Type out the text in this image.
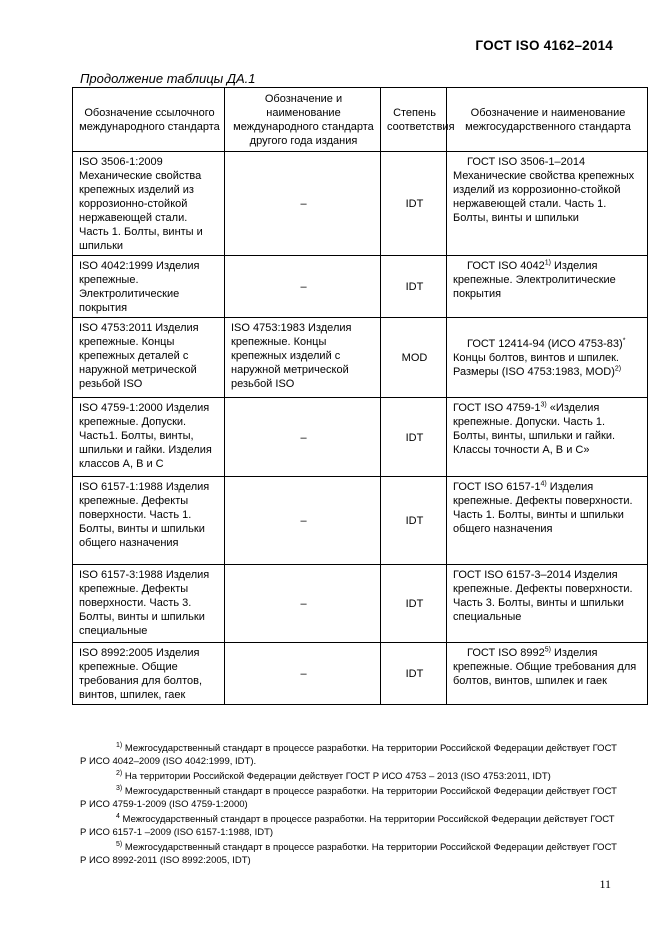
ГОСТ ISO 4162–2014
Продолжение таблицы ДА.1
Обозначение ссылочного международного стандарта	Обозначение и наименование международного стандарта другого года издания	Степень соответствия	Обозначение и наименование межгосударственного стандарта
ISO 3506-1:2009 Механические свойства крепежных изделий из коррозионно-стойкой нержавеющей стали. Часть 1. Болты, винты и шпильки	–	IDT	ГОСТ ISO 3506-1–2014 Механические свойства крепежных изделий из коррозионно-стойкой нержавеющей стали. Часть 1. Болты, винты и шпильки
ISO 4042:1999 Изделия крепежные. Электролитические покрытия	–	IDT	ГОСТ ISO 4042$^{1)}$ Изделия крепежные. Электролитические покрытия
ISO 4753:2011 Изделия крепежные. Концы крепежных деталей с наружной метрической резьбой ISO	ISO 4753:1983 Изделия крепежные. Концы крепежных изделий с наружной метрической резьбой ISO	MOD	ГОСТ 12414-94 (ИСО 4753-83)* Концы болтов, винтов и шпилек. Размеры (ISO 4753:1983, MOD)$^{2)}$
ISO 4759-1:2000 Изделия крепежные. Допуски. Часть1. Болты, винты, шпильки и гайки. Изделия классов А, В и С	–	IDT	ГОСТ ISO 4759-1$^{3)}$ «Изделия крепежные. Допуски. Часть 1. Болты, винты, шпильки и гайки. Классы точности А, В и С»
ISO 6157-1:1988 Изделия крепежные. Дефекты поверхности. Часть 1. Болты, винты и шпильки общего назначения	–	IDT	ГОСТ ISO 6157-1$^{4)}$ Изделия крепежные. Дефекты поверхности. Часть 1. Болты, винты и шпильки общего назначения
ISO 6157-3:1988 Изделия крепежные. Дефекты поверхности. Часть 3. Болты, винты и шпильки специальные	–	IDT	ГОСТ ISO 6157-3–2014 Изделия крепежные. Дефекты поверхности. Часть 3. Болты, винты и шпильки специальные
ISO 8992:2005 Изделия крепежные. Общие требования для болтов, винтов, шпилек, гаек	–	IDT	ГОСТ ISO 8992$^{5)}$ Изделия крепежные. Общие требования для болтов, винтов, шпилек и гаек
$^{1)}$ Межгосударственный стандарт в процессе разработки. На территории Российской Федерации действует ГОСТ Р ИСО 4042–2009 (ISO 4042:1999, IDT).
$^{2)}$ На территории Российской Федерации действует ГОСТ Р ИСО 4753 – 2013 (ISO 4753:2011, IDT)
$^{3)}$ Межгосударственный стандарт в процессе разработки. На территории Российской Федерации действует ГОСТ Р ИСО 4759-1-2009 (ISO 4759-1:2000)
$^4$ Межгосударственный стандарт в процессе разработки. На территории Российской Федерации действует ГОСТ Р ИСО 6157-1 –2009 (ISO 6157-1:1988, IDT)
$^{5)}$ Межгосударственный стандарт в процессе разработки. На территории Российской Федерации действует ГОСТ Р ИСО 8992-2011 (ISO 8992:2005, IDT)
11
